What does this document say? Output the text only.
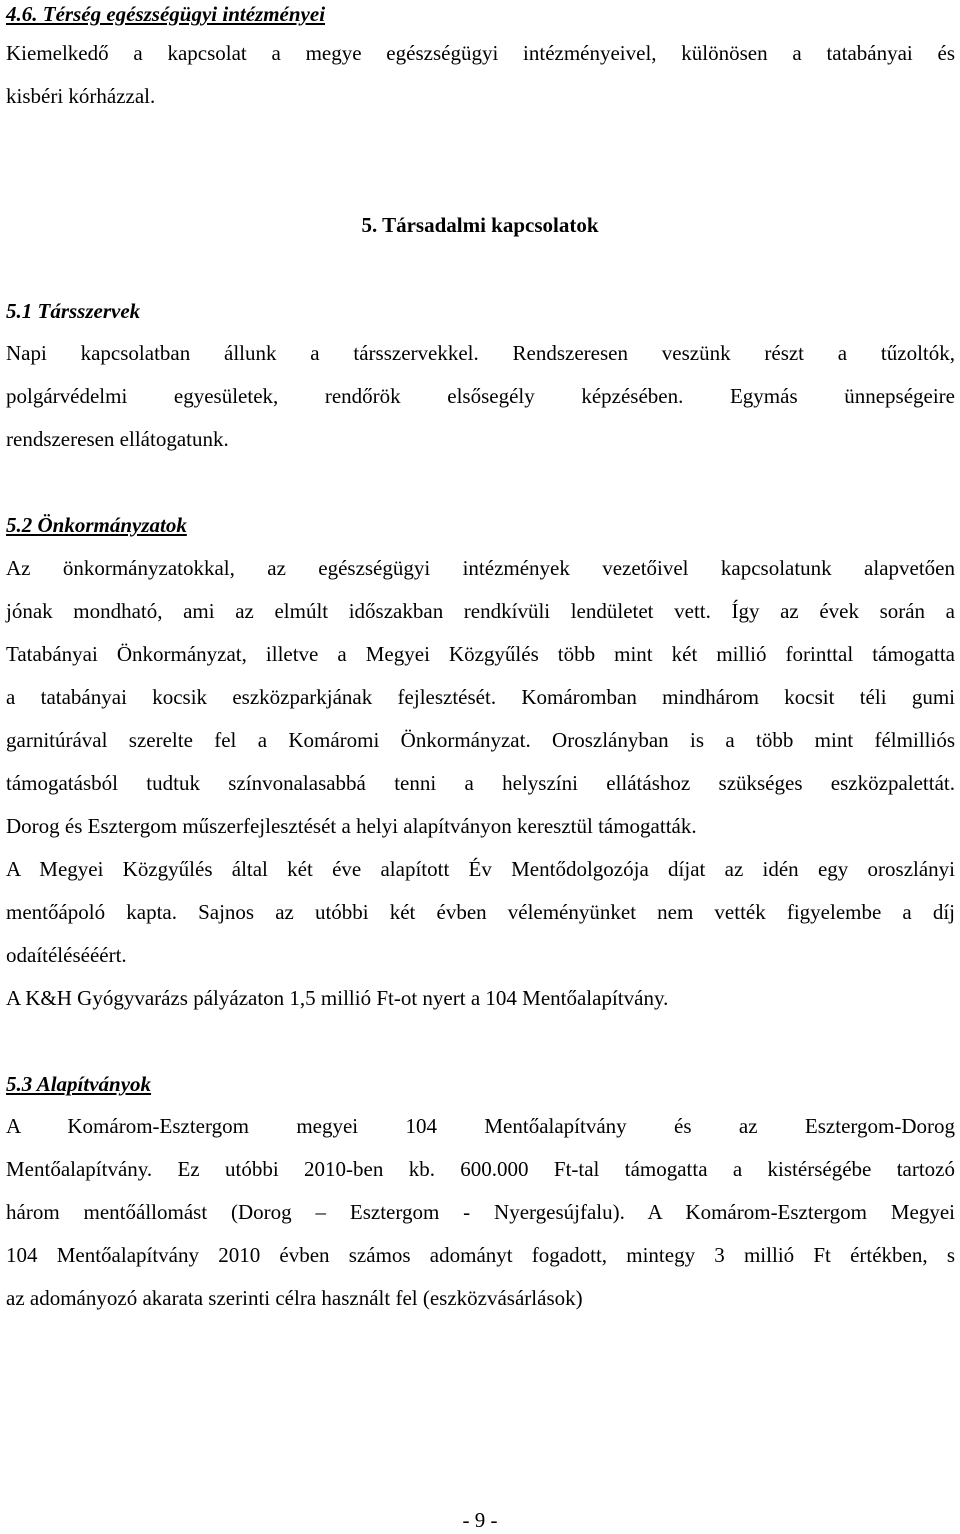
4.6. Térség egészségügyi intézményei
Kiemelkedő a kapcsolat a megye egészségügyi intézményeivel, különösen a tatabányai és
kisbéri kórházzal.
5. Társadalmi kapcsolatok
5.1 Társszervek
Napi kapcsolatban állunk a társszervekkel. Rendszeresen veszünk részt a tűzoltók,
polgárvédelmi egyesületek, rendőrök elsősegély képzésében. Egymás ünnepségeire
rendszeresen ellátogatunk.
5.2 Önkormányzatok
Az önkormányzatokkal, az egészségügyi intézmények vezetőivel kapcsolatunk alapvetően
jónak mondható, ami az elmúlt időszakban rendkívüli lendületet vett. Így az évek során a
Tatabányai Önkormányzat, illetve a Megyei Közgyűlés több mint két millió forinttal támogatta
a tatabányai kocsik eszközparkjának fejlesztését. Komáromban mindhárom kocsit téli gumi
garnitúrával szerelte fel a Komáromi Önkormányzat. Oroszlányban is a több mint félmilliós
támogatásból tudtuk színvonalasabbá tenni a helyszíni ellátáshoz szükséges eszközpalettát.
Dorog és Esztergom műszerfejlesztését a helyi alapítványon keresztül támogatták.
A Megyei Közgyűlés által két éve alapított Év Mentődolgozója díjat az idén egy oroszlányi
mentőápoló kapta. Sajnos az utóbbi két évben véleményünket nem vették figyelembe a díj
odaítélésééért.
A K&H Gyógyvarázs pályázaton 1,5 millió Ft-ot nyert a 104 Mentőalapítvány.
5.3 Alapítványok
A Komárom-Esztergom megyei 104 Mentőalapítvány és az Esztergom-Dorog
Mentőalapítvány. Ez utóbbi 2010-ben kb. 600.000 Ft-tal támogatta a kistérségébe tartozó
három mentőállomást (Dorog – Esztergom - Nyergesújfalu). A Komárom-Esztergom Megyei
104 Mentőalapítvány 2010 évben számos adományt fogadott, mintegy 3 millió Ft értékben, s
az adományozó akarata szerinti célra használt fel (eszközvásárlások)
- 9 -
